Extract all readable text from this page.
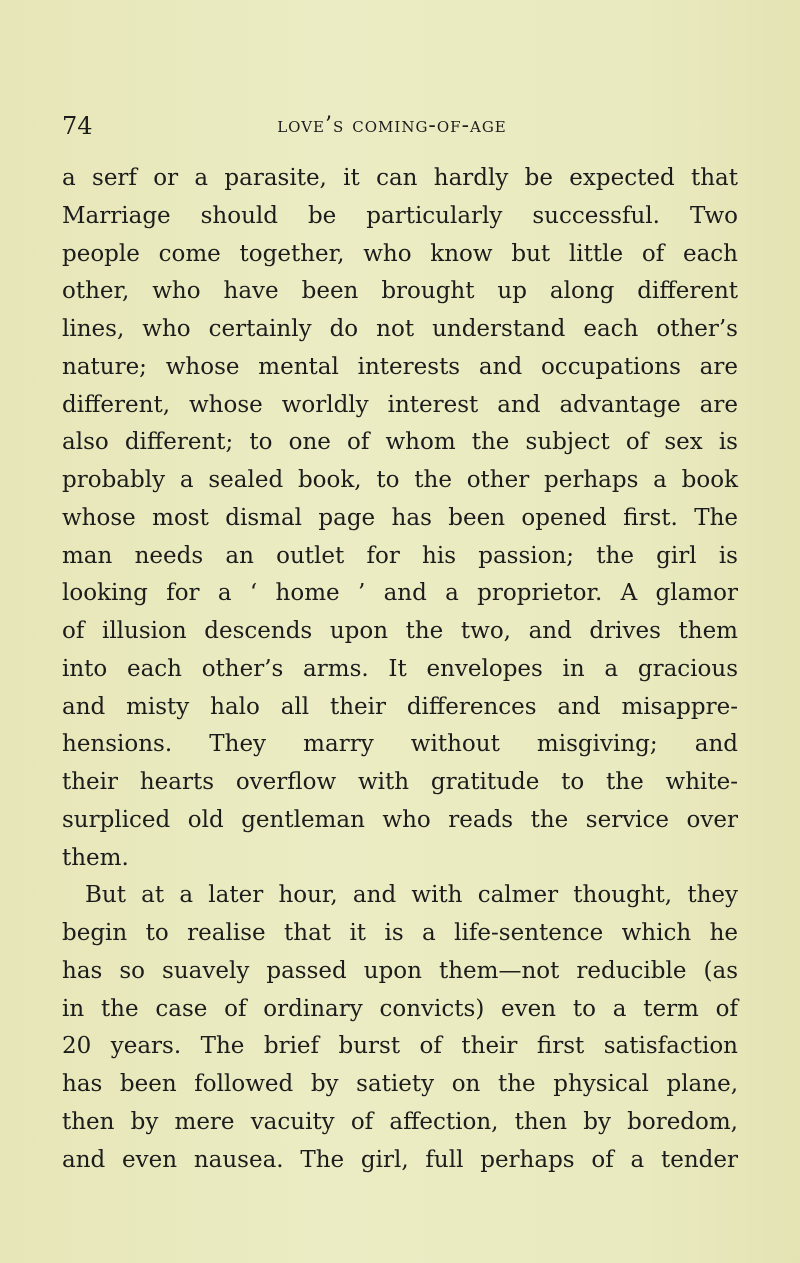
74	love’s coming-of-age
a serf or a parasite, it can hardly be expected that
Marriage should be particularly successful. Two
people come together, who know but little of each
other, who have been brought up along different
lines, who certainly do not understand each other’s
nature; whose mental interests and occupations are
different, whose worldly interest and advantage are
also different; to one of whom the subject of sex is
probably a sealed book, to the other perhaps a book
whose most dismal page has been opened first. The
man needs an outlet for his passion; the girl is
looking for a ‘ home ’ and a proprietor. A glamor
of illusion descends upon the two, and drives them
into each other’s arms. It envelopes in a gracious
and misty halo all their differences and misappre-
hensions. They marry without misgiving; and
their hearts overflow with gratitude to the white-
surpliced old gentleman who reads the service over
them.
But at a later hour, and with calmer thought, they
begin to realise that it is a life-sentence which he
has so suavely passed upon them—not reducible (as
in the case of ordinary convicts) even to a term of
20 years. The brief burst of their first satisfaction
has been followed by satiety on the physical plane,
then by mere vacuity of affection, then by boredom,
and even nausea. The girl, full perhaps of a tender
